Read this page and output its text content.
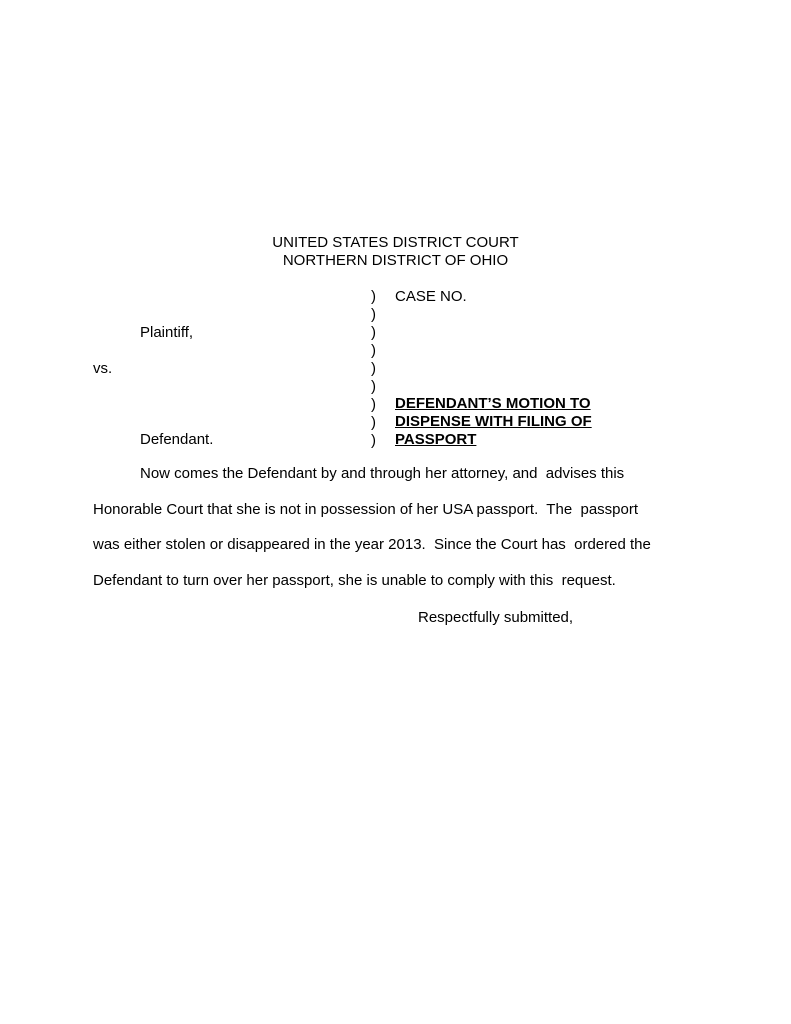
UNITED STATES DISTRICT COURT
NORTHERN DISTRICT OF OHIO
Plaintiff,
vs.
Defendant.
)
)
)
)
)
)
)
)
)
CASE NO.
DEFENDANT’S MOTION TO
DISPENSE WITH FILING OF
PASSPORT
Now comes the Defendant by and through her attorney, and  advises this
Honorable Court that she is not in possession of her USA passport.  The  passport
was either stolen or disappeared in the year 2013.  Since the Court has  ordered the
Defendant to turn over her passport, she is unable to comply with this  request.
Respectfully submitted,
